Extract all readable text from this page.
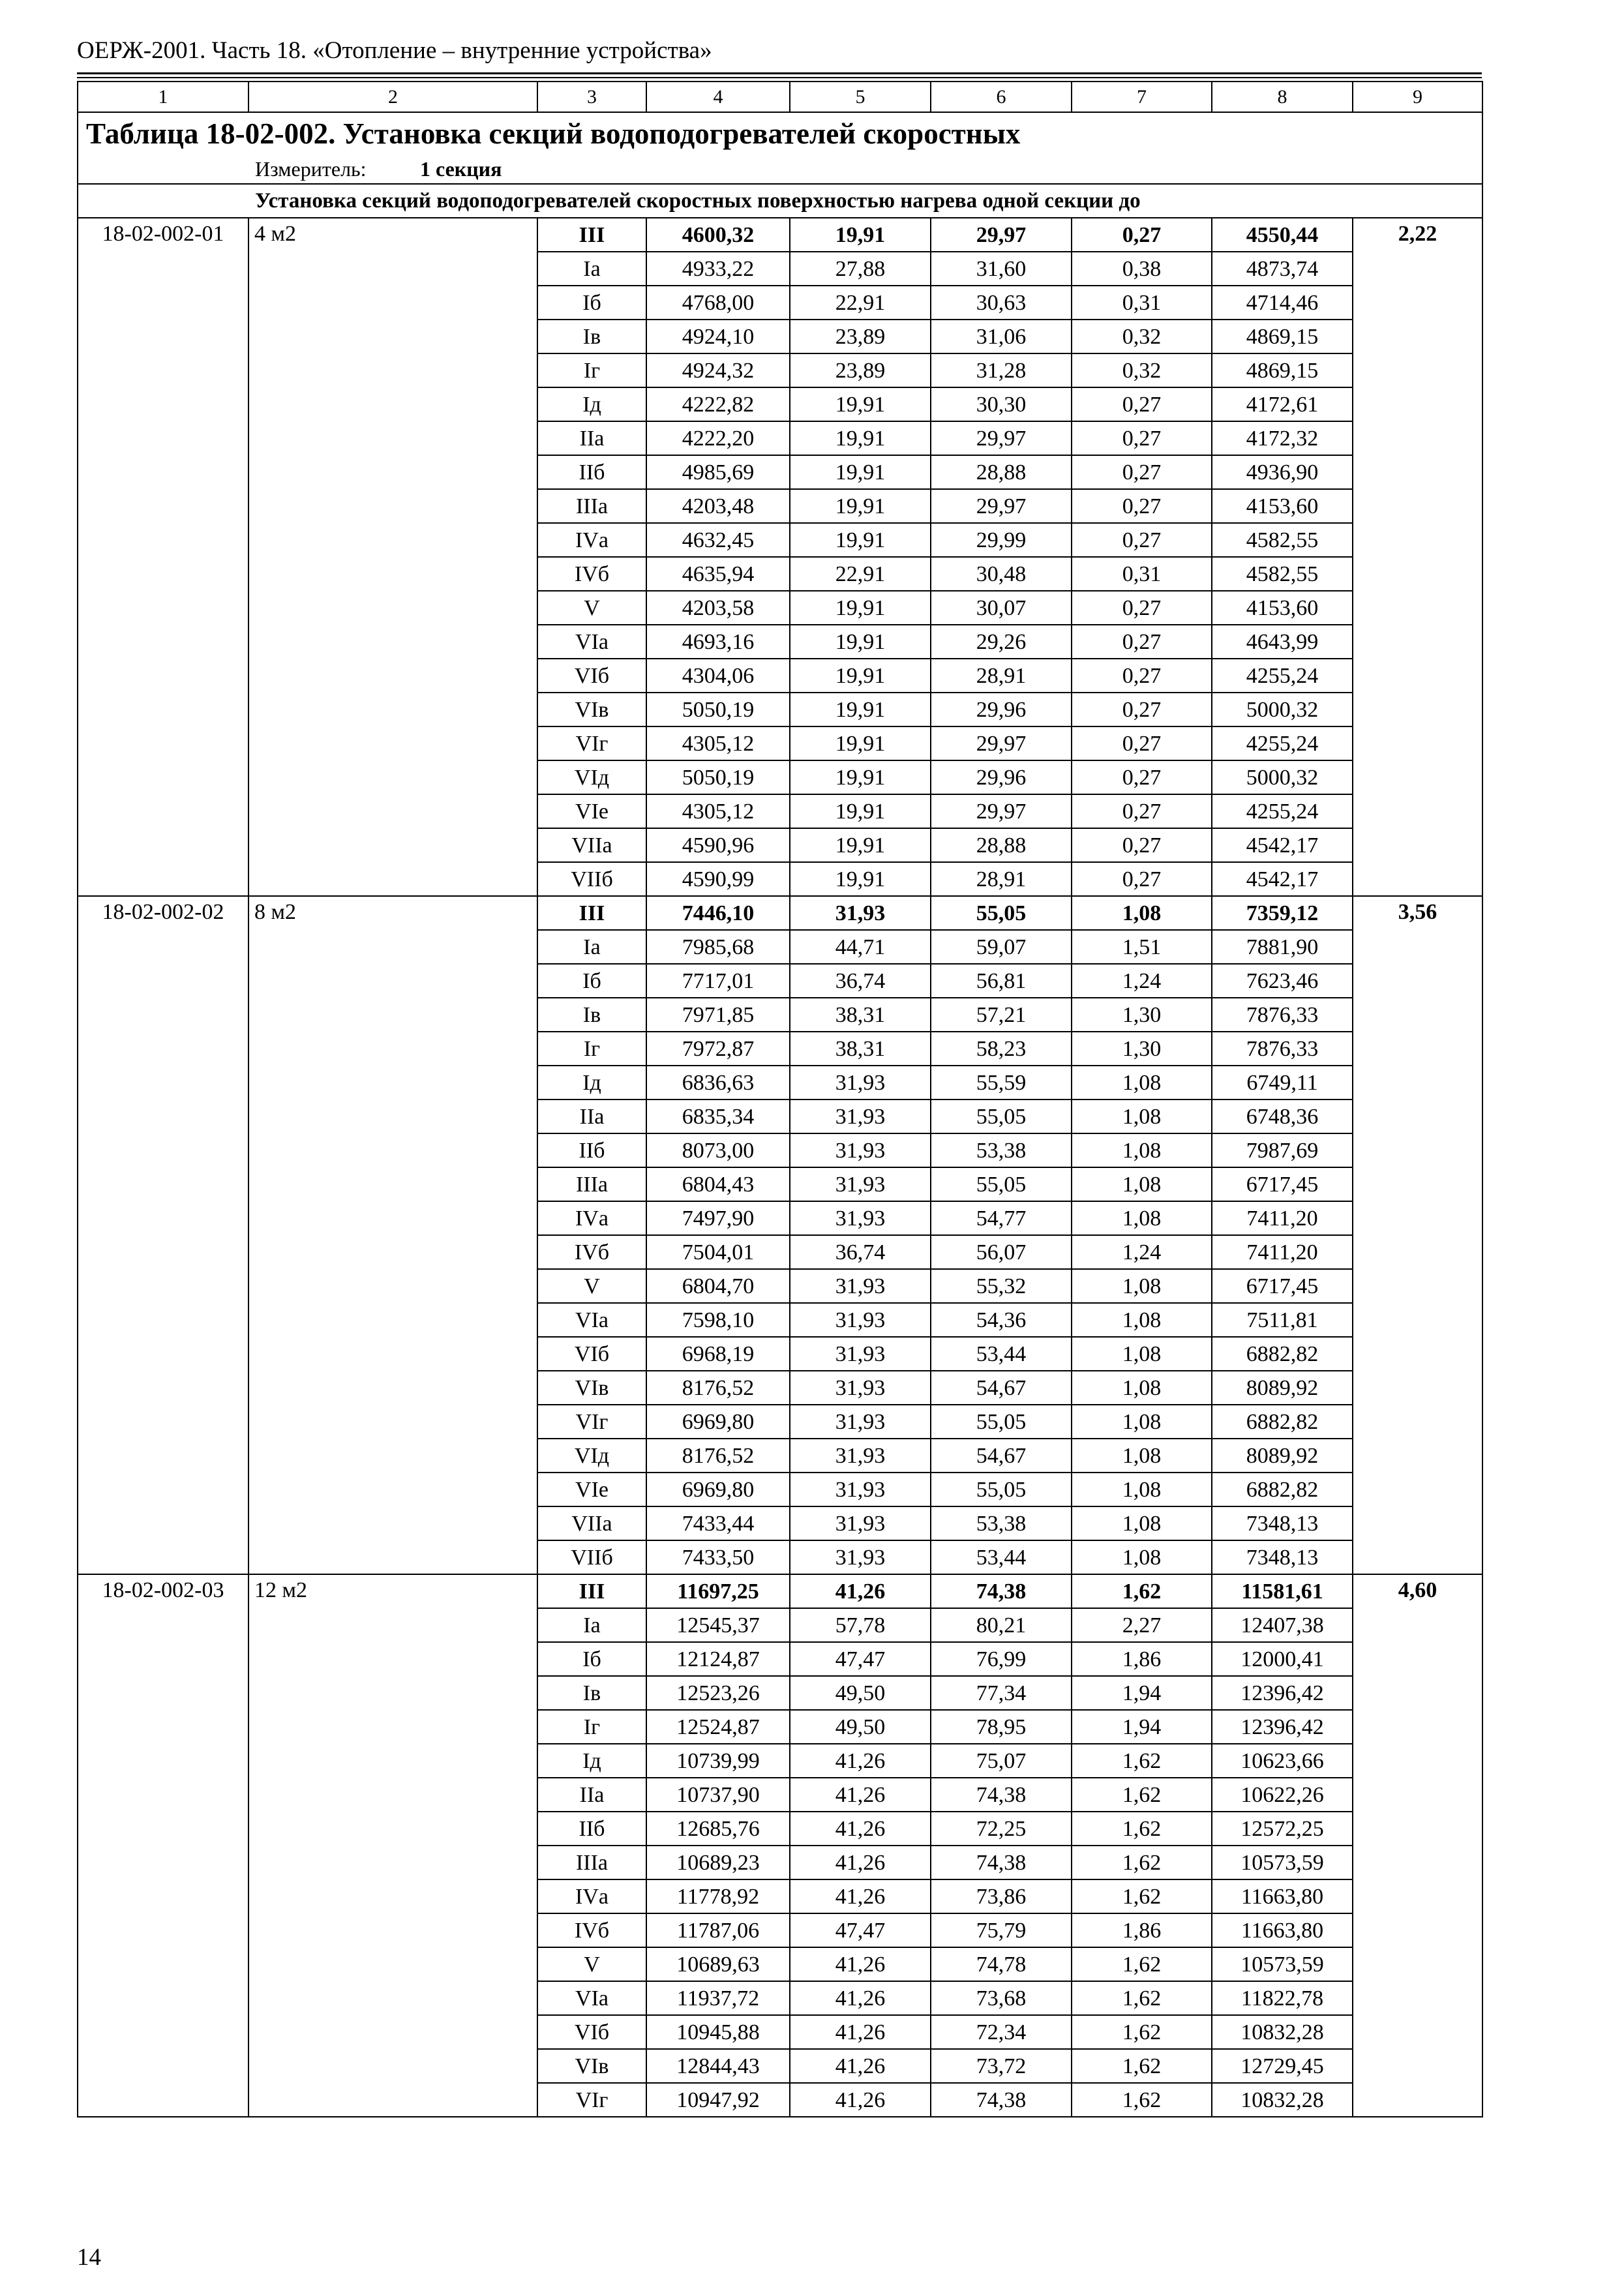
ОЕРЖ-2001. Часть 18. «Отопление – внутренние устройства»
1	2	3	4	5	6	7	8	9
Таблица 18-02-002. Установка секций водоподогревателей скоростных								
Измеритель: 1 секция								
Установка секций водоподогревателей скоростных поверхностью нагрева одной секции до								
18-02-002-01	4 м2	III	4600,32	19,91	29,97	0,27	4550,44	2,22
		Iа	4933,22	27,88	31,60	0,38	4873,74	
		Iб	4768,00	22,91	30,63	0,31	4714,46	
		Iв	4924,10	23,89	31,06	0,32	4869,15	
		Iг	4924,32	23,89	31,28	0,32	4869,15	
		Iд	4222,82	19,91	30,30	0,27	4172,61	
		IIа	4222,20	19,91	29,97	0,27	4172,32	
		IIб	4985,69	19,91	28,88	0,27	4936,90	
		IIIа	4203,48	19,91	29,97	0,27	4153,60	
		IVа	4632,45	19,91	29,99	0,27	4582,55	
		IVб	4635,94	22,91	30,48	0,31	4582,55	
		V	4203,58	19,91	30,07	0,27	4153,60	
		VIа	4693,16	19,91	29,26	0,27	4643,99	
		VIб	4304,06	19,91	28,91	0,27	4255,24	
		VIв	5050,19	19,91	29,96	0,27	5000,32	
		VIг	4305,12	19,91	29,97	0,27	4255,24	
		VIд	5050,19	19,91	29,96	0,27	5000,32	
		VIе	4305,12	19,91	29,97	0,27	4255,24	
		VIIа	4590,96	19,91	28,88	0,27	4542,17	
		VIIб	4590,99	19,91	28,91	0,27	4542,17	
18-02-002-02	8 м2	III	7446,10	31,93	55,05	1,08	7359,12	3,56
		Iа	7985,68	44,71	59,07	1,51	7881,90	
		Iб	7717,01	36,74	56,81	1,24	7623,46	
		Iв	7971,85	38,31	57,21	1,30	7876,33	
		Iг	7972,87	38,31	58,23	1,30	7876,33	
		Iд	6836,63	31,93	55,59	1,08	6749,11	
		IIа	6835,34	31,93	55,05	1,08	6748,36	
		IIб	8073,00	31,93	53,38	1,08	7987,69	
		IIIа	6804,43	31,93	55,05	1,08	6717,45	
		IVа	7497,90	31,93	54,77	1,08	7411,20	
		IVб	7504,01	36,74	56,07	1,24	7411,20	
		V	6804,70	31,93	55,32	1,08	6717,45	
		VIа	7598,10	31,93	54,36	1,08	7511,81	
		VIб	6968,19	31,93	53,44	1,08	6882,82	
		VIв	8176,52	31,93	54,67	1,08	8089,92	
		VIг	6969,80	31,93	55,05	1,08	6882,82	
		VIд	8176,52	31,93	54,67	1,08	8089,92	
		VIе	6969,80	31,93	55,05	1,08	6882,82	
		VIIа	7433,44	31,93	53,38	1,08	7348,13	
		VIIб	7433,50	31,93	53,44	1,08	7348,13	
18-02-002-03	12 м2	III	11697,25	41,26	74,38	1,62	11581,61	4,60
		Iа	12545,37	57,78	80,21	2,27	12407,38	
		Iб	12124,87	47,47	76,99	1,86	12000,41	
		Iв	12523,26	49,50	77,34	1,94	12396,42	
		Iг	12524,87	49,50	78,95	1,94	12396,42	
		Iд	10739,99	41,26	75,07	1,62	10623,66	
		IIа	10737,90	41,26	74,38	1,62	10622,26	
		IIб	12685,76	41,26	72,25	1,62	12572,25	
		IIIа	10689,23	41,26	74,38	1,62	10573,59	
		IVа	11778,92	41,26	73,86	1,62	11663,80	
		IVб	11787,06	47,47	75,79	1,86	11663,80	
		V	10689,63	41,26	74,78	1,62	10573,59	
		VIа	11937,72	41,26	73,68	1,62	11822,78	
		VIб	10945,88	41,26	72,34	1,62	10832,28	
		VIв	12844,43	41,26	73,72	1,62	12729,45	
		VIг	10947,92	41,26	74,38	1,62	10832,28	
14
